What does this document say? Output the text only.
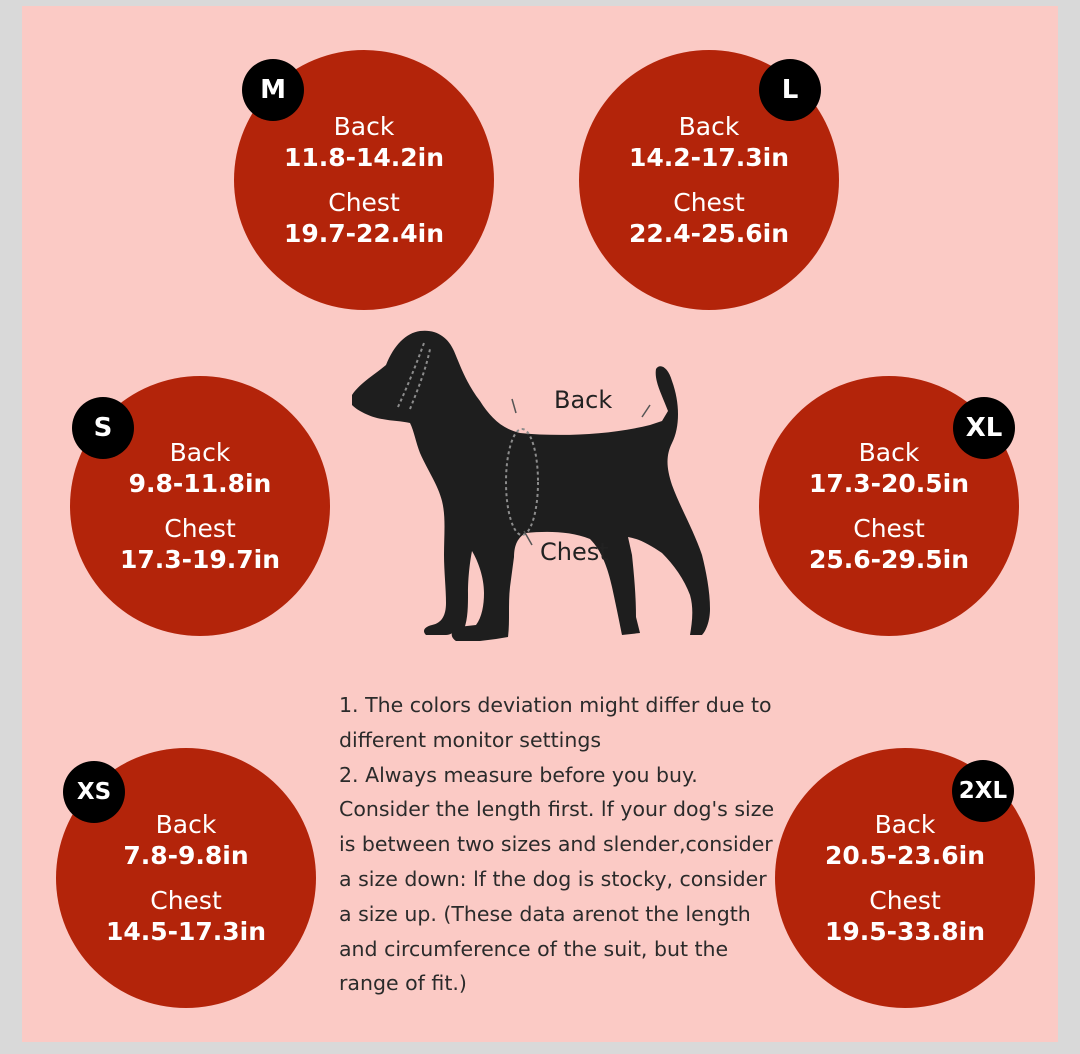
Back
11.8-14.2in
Chest
19.7-22.4in
M
Back
14.2-17.3in
Chest
22.4-25.6in
L
Back
9.8-11.8in
Chest
17.3-19.7in
S
Back
17.3-20.5in
Chest
25.6-29.5in
XL
Back
7.8-9.8in
Chest
14.5-17.3in
XS
Back
20.5-23.6in
Chest
19.5-33.8in
2XL
Back
Chest

1. The colors deviation might differ due to

different monitor settings

2. Always measure before you buy.

Consider the length first. lf your dog's size

is between two sizes and slender,consider

a size down: lf the dog is stocky, consider

a size up. (These data arenot the length

and circumference of the suit, but the

range of fit.)
